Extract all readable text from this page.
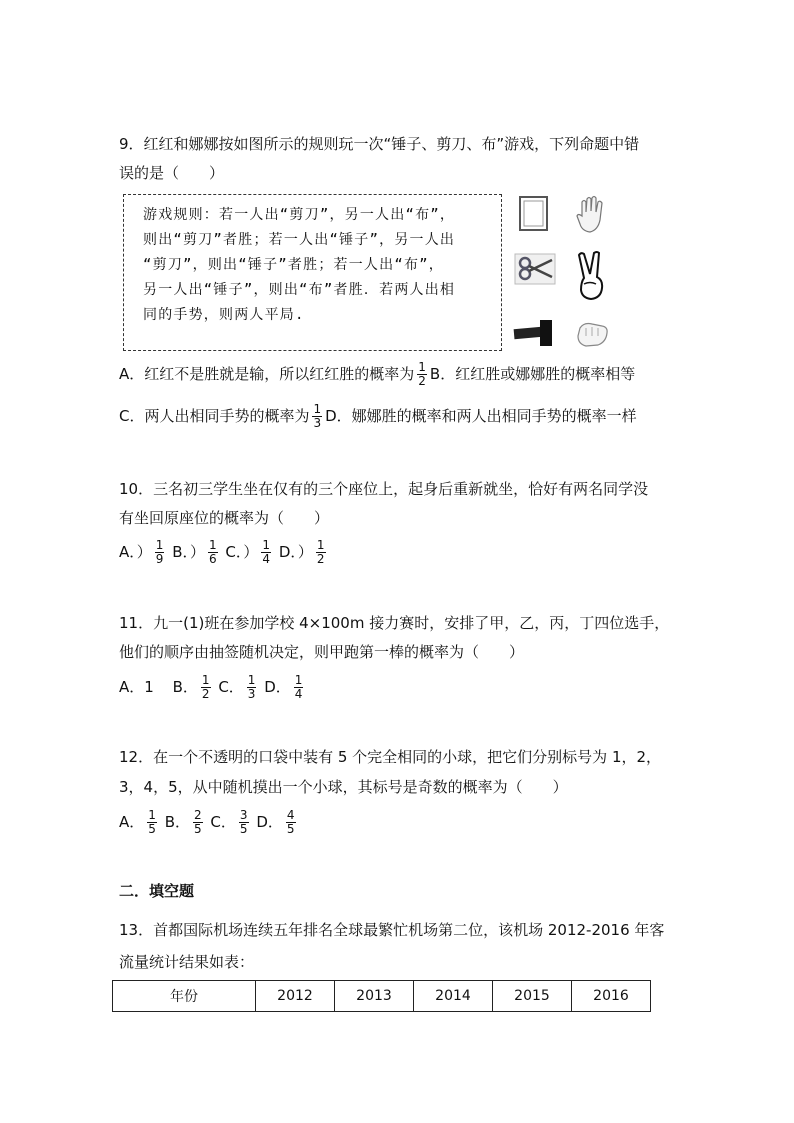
9．红红和娜娜按如图所示的规则玩一次“锤子、剪刀、布”游戏，下列命题中错
误的是（　　）
游戏规则：若一人出“剪刀”，另一人出“布”，
则出“剪刀”者胜；若一人出“锤子”，另一人出
“剪刀”，则出“锤子”者胜；若一人出“布”，
另一人出“锤子”，则出“布”者胜．若两人出相
同的手势，则两人平局.
A．红红不是胜就是输，所以红红胜的概率为 $\frac{1}{2}$ B．红红胜或娜娜胜的概率相等
C．两人出相同手势的概率为 $\frac{1}{3}$ D．娜娜胜的概率和两人出相同手势的概率一样
10．三名初三学生坐在仅有的三个座位上，起身后重新就坐，恰好有两名同学没
有坐回原座位的概率为（　　）
A．） $\frac{1}{9}$ B．） $\frac{1}{6}$ C．） $\frac{1}{4}$ D．） $\frac{1}{2}$
11．九一(1)班在参加学校 4×100m 接力赛时，安排了甲，乙，丙，丁四位选手，
他们的顺序由抽签随机决定，则甲跑第一棒的概率为（　　）
A．1 B． $\frac{1}{2}$ C． $\frac{1}{3}$ D． $\frac{1}{4}$
12．在一个不透明的口袋中装有 5 个完全相同的小球，把它们分别标号为 1，2，
3，4，5，从中随机摸出一个小球，其标号是奇数的概率为（　　）
A． $\frac{1}{5}$ B． $\frac{2}{5}$ C． $\frac{3}{5}$ D． $\frac{4}{5}$
二．填空题
13．首都国际机场连续五年排名全球最繁忙机场第二位，该机场 2012-2016 年客
流量统计结果如表：
年份	2012	2013	2014	2015	2016
